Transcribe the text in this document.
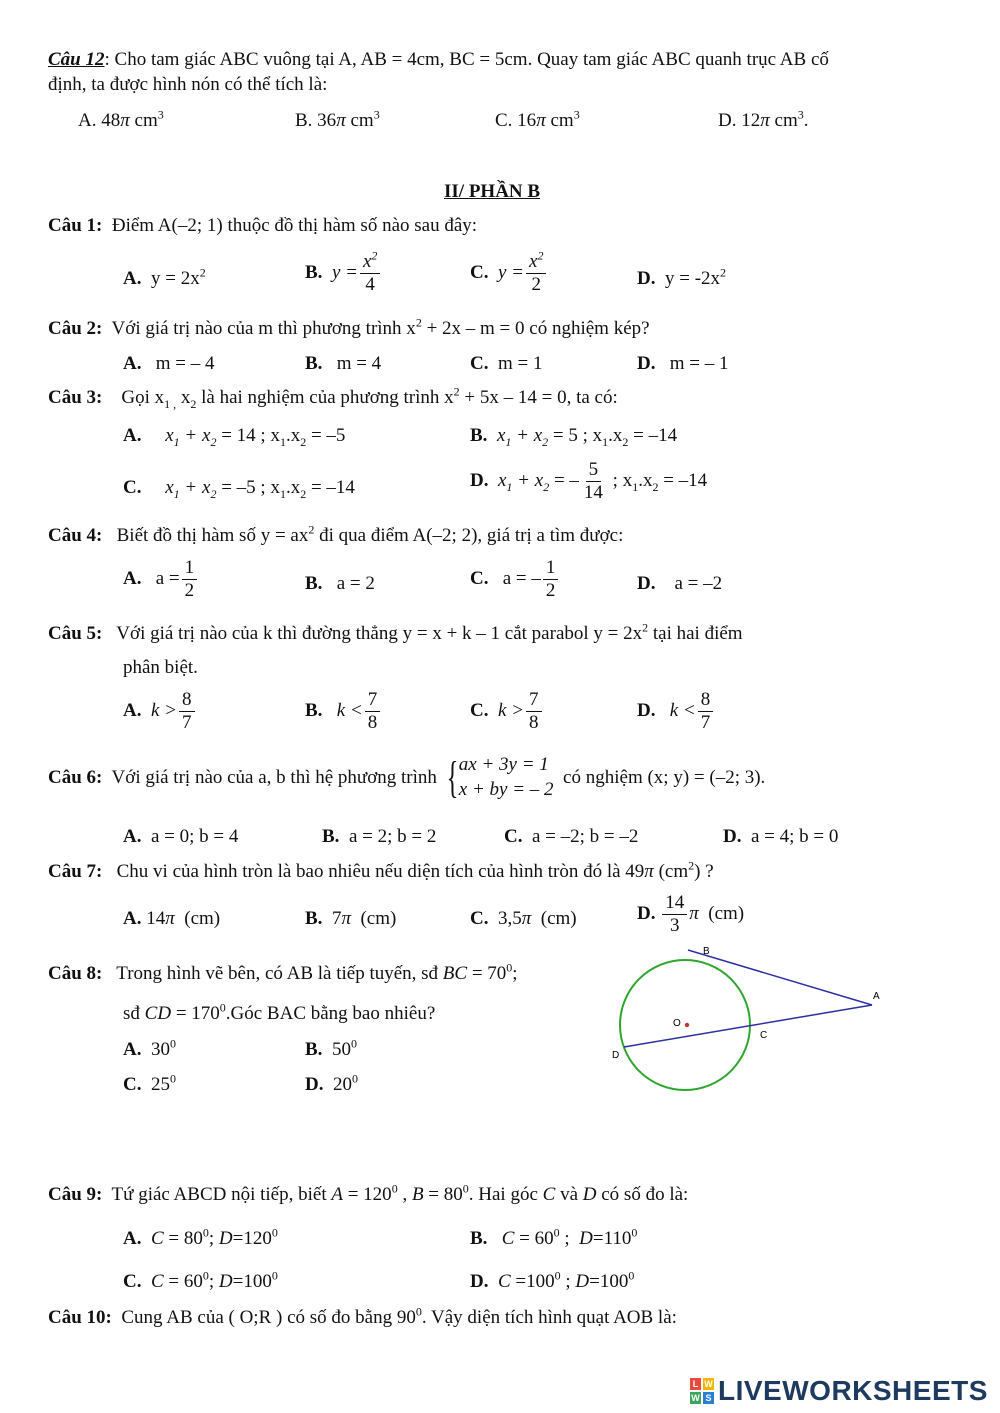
Câu 12: Cho tam giác ABC vuông tại A, AB = 4cm, BC = 5cm. Quay tam giác ABC quanh trục AB cố
định, ta được hình nón có thể tích là:
A. 48π $cm^3$	B. 36π $cm^3$	C. 16π $cm^3$	D. 12π $cm^3$.
II/ PHẦN B
Câu 1: Điểm A(–2; 1) thuộc đồ thị hàm số nào sau đây:
A. $y = 2x^2$	B. $y = \frac{x^2}{4}$	C. $y = \frac{x^2}{2}$	D. $y = -2x^2$
Câu 2: Với giá trị nào của m thì phương trình $x^2 + 2x - m = 0$ có nghiệm kép?
A. m = – 4	B. m = 4	C. m = 1	D. m = – 1
Câu 3: Gọi $x_{1 ,}$ $x_2$ là hai nghiệm của phương trình $x^2 + 5x - 14 = 0$, ta có:
A. $x_1 + x_2 = 14$ ; $x_1.x_2 = -5$	B. $x_1 + x_2 = 5$ ; $x_1.x_2 = -14$
C. $x_1 + x_2 = -5$ ; $x_1.x_2 = -14$	D. $x_1 + x_2$ = – $\frac{5}{14}$ ; $x_1.x_2 = -14$
Câu 4: Biết đồ thị hàm số $y = ax^2$ đi qua điểm A(–2; 2), giá trị a tìm được:
A. $a = \frac{1}{2}$	B. a = 2	C. a = – $\frac{1}{2}$	D. a = –2
Câu 5: Với giá trị nào của k thì đường thẳng y = x + k – 1 cắt parabol $y = 2x^2$ tại hai điểm
phân biệt.
A. $k > \frac{8}{7}$	B. $k < \frac{7}{8}$	C. $k > \frac{7}{8}$	D. $k < \frac{8}{7}$
Câu 6: Với giá trị nào của a, b thì hệ phương trình { ax + 3y = 1
x + by = – 2
có nghiệm (x; y) = (–2; 3).
A. a = 0; b = 4	B. a = 2; b = 2	C. a = –2; b = –2	D. a = 4; b = 0
Câu 7: Chu vi của hình tròn là bao nhiêu nếu diện tích của hình tròn đó là 49π $(cm^2)$ ?
A. 14π (cm)	B. 7π (cm)	C. 3,5π (cm)	D. $\frac{14}{3}$ π (cm)
Câu 8: Trong hình vẽ bên, có AB là tiếp tuyến, sđ BC = $70^0$;
sđ CD = $170^0.Góc$ BAC bằng bao nhiêu?
A. $30^0$	B. $50^0$
C. $25^0$	D. $20^0$
B
A
O
C
D
Câu 9: Tứ giác ABCD nội tiếp, biết $A = 120^0$ , $B = 80^0$. Hai góc C và D có số đo là:
A. $C = 80^0$; $D=120^0$	B. $C = 60^0$ ;  $D=110^0$
C. $C = 60^0$; $D=100^0$	D. $C =100^0$ ; $D=100^0$
Câu 10: Cung AB của ( O;R ) có số đo bằng $90^0$. Vậy diện tích hình quạt AOB là:
L W
W S LIVEWORKSHEETS
